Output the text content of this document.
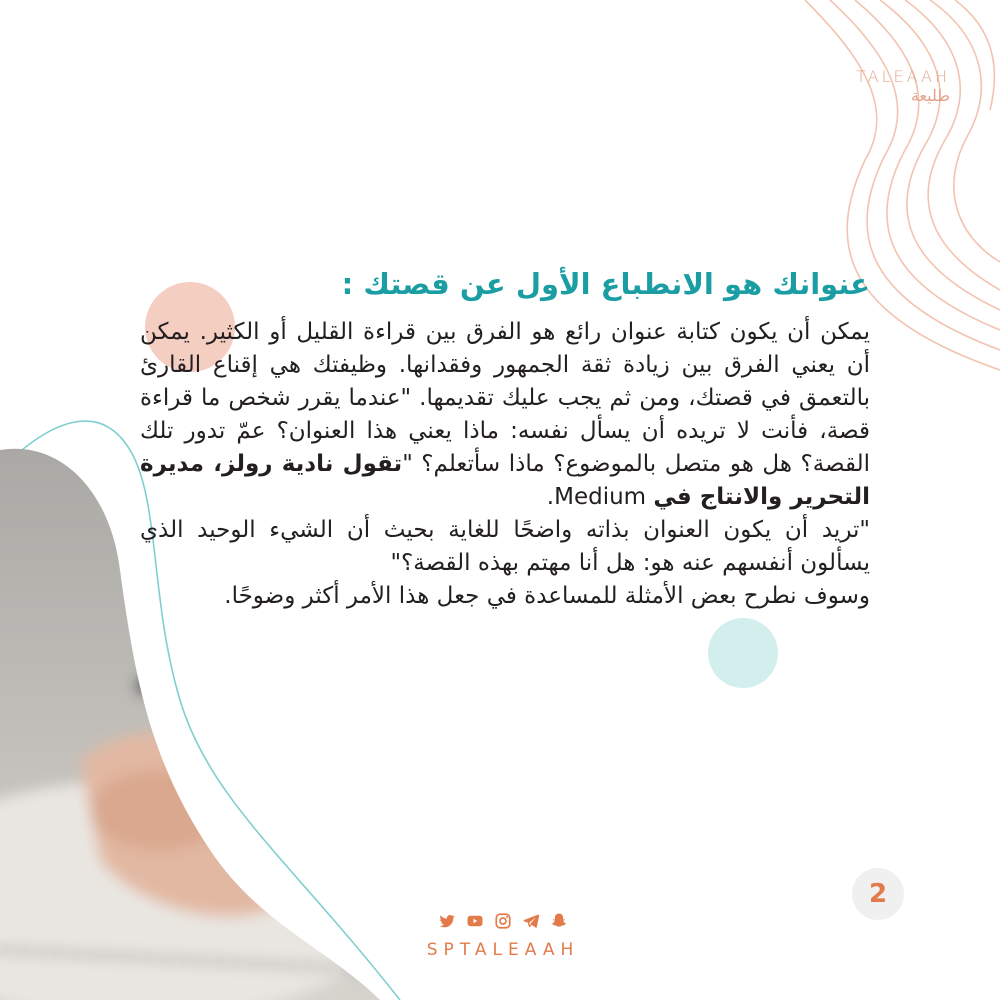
TALEAAH
طليعة
عنوانك هو الانطباع الأول عن قصتك :

يمكن أن يكون كتابة عنوان رائع هو الفرق بين قراءة القليل أو الكثير. يمكن أن يعني الفرق بين زيادة ثقة الجمهور وفقدانها. وظيفتك هي إقناع القارئ بالتعمق في قصتك، ومن ثم يجب عليك تقديمها. "عندما يقرر شخص ما قراءة قصة، فأنت لا تريده أن يسأل نفسه: ماذا يعني هذا العنوان؟ عمّ تدور تلك القصة؟ هل هو متصل بالموضوع؟ ماذا سأتعلم؟ "تقول نادية رولز، مديرة التحرير والانتاج في Medium.

"تريد أن يكون العنوان بذاته واضحًا للغاية بحيث أن الشيء الوحيد الذي يسألون أنفسهم عنه هو: هل أنا مهتم بهذه القصة؟"

وسوف نطرح بعض الأمثلة للمساعدة في جعل هذا الأمر أكثر وضوحًا.

2
SPTALEAAH
